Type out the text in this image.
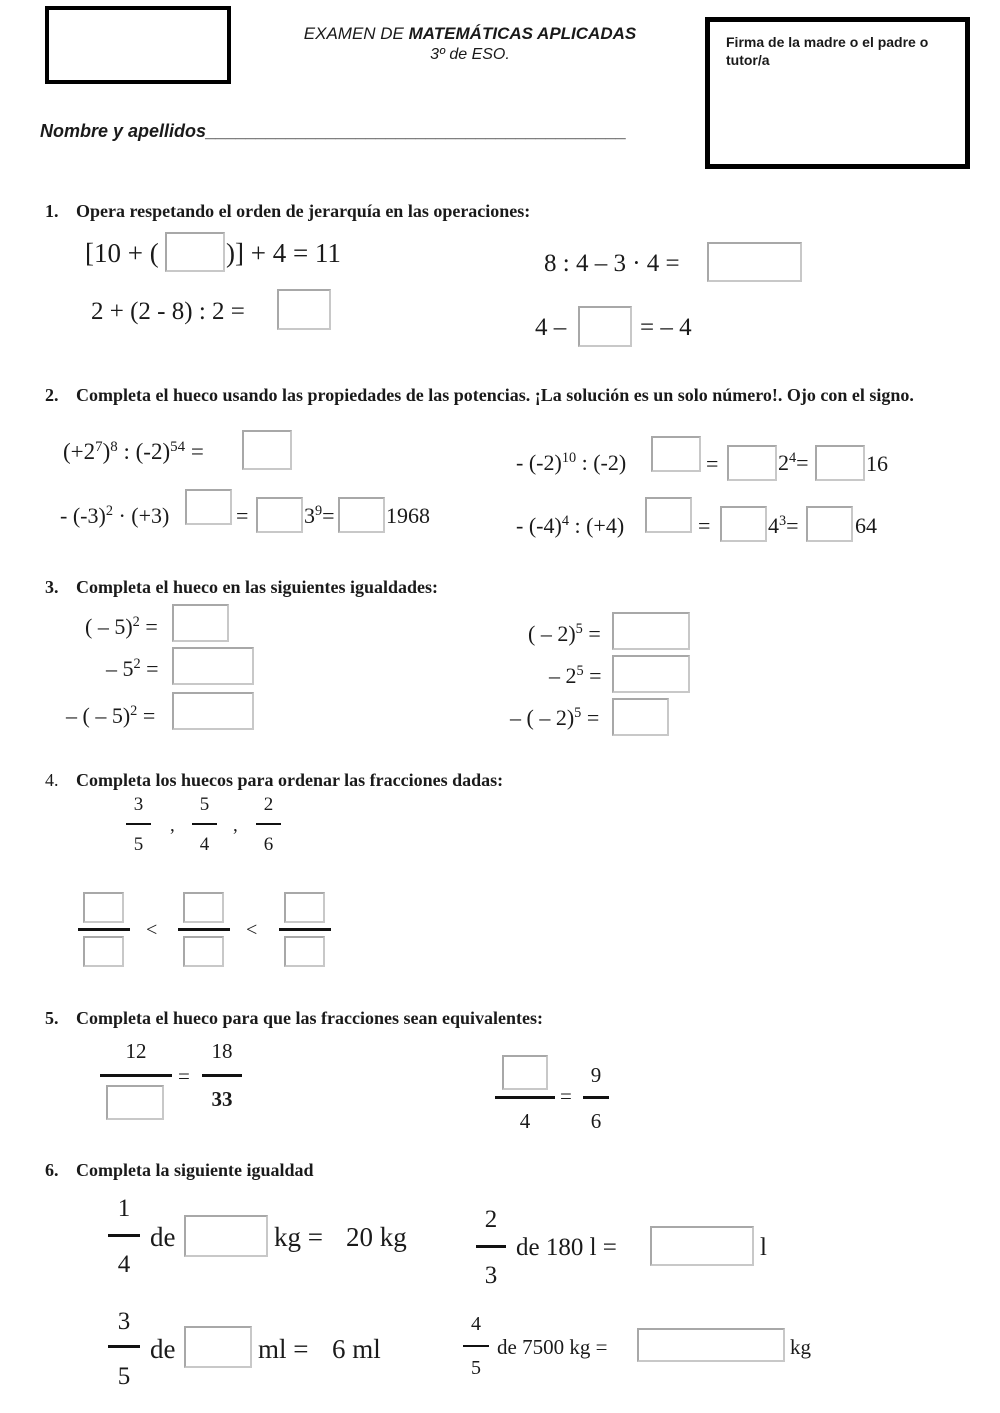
EXAMEN DE MATEMÁTICAS APLICADAS
3º de ESO.
Firma de la madre o el padre o tutor/a
Nombre y apellidos__________________________________________
1. Opera respetando el orden de jerarquía en las operaciones:
[10 + ( )] + 4 = 11
2 + (2 - 8) : 2 =
8 : 4 – 3 · 4 =
4 –	= – 4
2. Completa el hueco usando las propiedades de las potencias. ¡La solución es un solo número!. Ojo con el signo.
$(+2^7)^8$ : $(-2)^{54}$ =	- $(-2)^{10}$ : (-2)	=	$2^4=$	16
- $(-3)^2 \cdot (+3)$	=	$3^9= 1968$	- $(-4)^4$ : (+4)	=	$4^3=$	64
3. Completa el hueco en las siguientes igualdades:
( – 5)$^2$ =
– $5^2$ =
– ( – 5)$^2$ =
( – 2)$^5$ =
– $2^5$ =
– ( – 2)$^5$ =
4. Completa los huecos para ordenar las fracciones dadas:
3
5
,
5
4
,
2
6
<	<
5. Completa el hueco para que las fracciones sean equivalentes:
12
=
18
33
4
=
9
6
6. Completa la siguiente igualdad
1
4
de	kg = 20 kg
2
3
de 180 l =	l
3
5
de	ml = 6 ml
4
5
de 7500 kg =	kg
